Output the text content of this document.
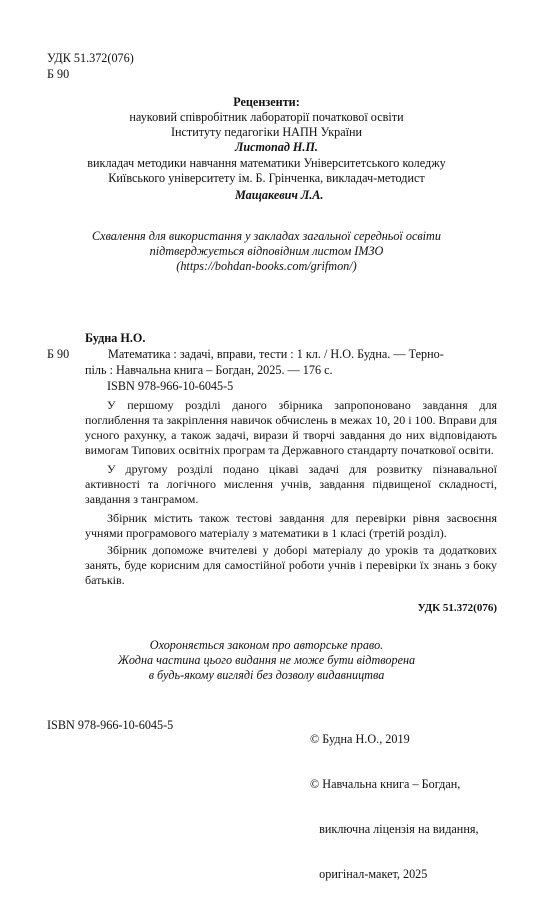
УДК 51.372(076)
Б 90
Рецензенти:
науковий співробітник лабораторії початкової освіти
Інституту педагогіки НАПН України
Листопад Н.П.
викладач методики навчання математики Університетського коледжу
Київського університету ім. Б. Грінченка, викладач-методист
Мащакевич Л.А.
Схвалення для використання у закладах загальної середньої освіти
підтверджується відповідним листом ІМЗО
(https://bohdan-books.com/grifmon/)
Будна Н.О.
Б 90	Математика : задачі, вправи, тести : 1 кл. / Н.О. Будна. — Терно-
піль : Навчальна книга – Богдан, 2025. — 176 с.
ISBN 978-966-10-6045-5
У першому розділі даного збірника запропоновано завдання для поглиблення та закріплення навичок обчислень в межах 10, 20 і 100. Вправи для усного рахунку, а також задачі, вирази й творчі завдання до них відповідають вимогам Типових освітніх програм та Державного стандарту початкової освіти.
У другому розділі подано цікаві задачі для розвитку пізнавальної активності та логічного мислення учнів, завдання підвищеної складності, завдання з танграмом.
Збірник містить також тестові завдання для перевірки рівня засвоєння учнями програмового матеріалу з математики в 1 класі (третій розділ).
Збірник допоможе вчителеві у доборі матеріалу до уроків та додаткових занять, буде корисним для самостійної роботи учнів і перевірки їх знань з боку батьків.
УДК 51.372(076)
Охороняється законом про авторське право.
Жодна частина цього видання не може бути відтворена
в будь-якому вигляді без дозволу видавництва
ISBN 978-966-10-6045-5

© Будна Н.О., 2019

© Навчальна книга – Богдан,

виключна ліцензія на видання,

оригінал-макет, 2025
